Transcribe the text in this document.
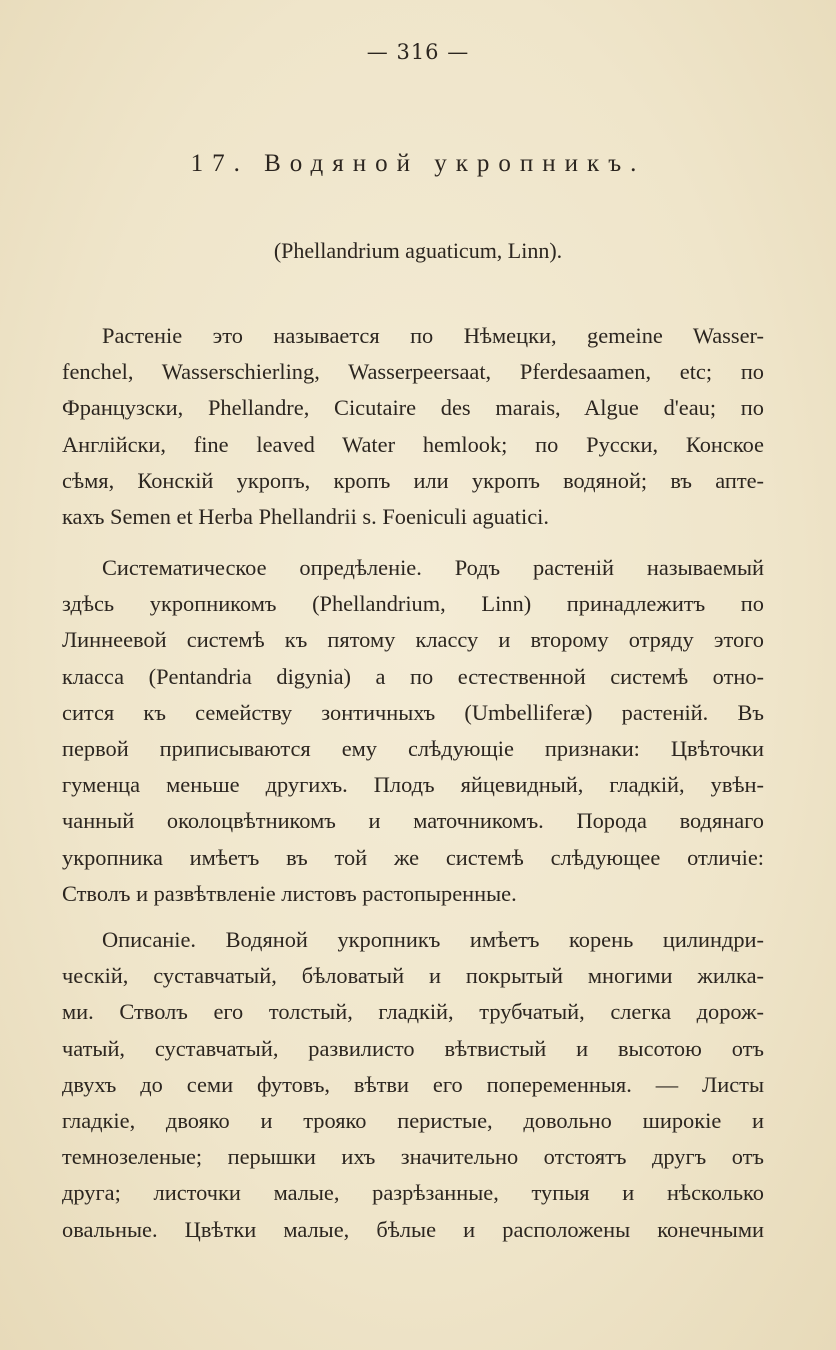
— 316 —
17. Водяной укропникъ.
(Phellandrium aguaticum, Linn).
Растеніе это называется по Нѣмецки, gemeine Wasser-
fenchel, Wasserschierling, Wasserpeersaat, Pferdesaamen, etc; по
Французски, Phellandre, Cicutaire des marais, Algue d'eau; по
Англійски, fine leaved Water hemlook; по Русски, Конское
сѣмя, Конскій укропъ, кропъ или укропъ водяной; въ апте-
кахъ Semen et Herba Phellandrii s. Foeniculi aguatici.
Систематическое опредѣленіе. Родъ растеній называемый
здѣсь укропникомъ (Phellandrium, Linn) принадлежитъ по
Линнеевой системѣ къ пятому классу и второму отряду этого
класса (Pentandria digynia) а по естественной системѣ отно-
сится къ семейству зонтичныхъ (Umbelliferæ) растеній. Въ
первой приписываются ему слѣдующіе признаки: Цвѣточки
гуменца меньше другихъ. Плодъ яйцевидный, гладкій, увѣн-
чанный околоцвѣтникомъ и маточникомъ. Порода водянаго
укропника имѣетъ въ той же системѣ слѣдующее отличіе:
Стволъ и развѣтвленіе листовъ растопыренные.
Описаніе. Водяной укропникъ имѣетъ корень цилиндри-
ческій, суставчатый, бѣловатый и покрытый многими жилка-
ми. Стволъ его толстый, гладкій, трубчатый, слегка дорож-
чатый, суставчатый, развилисто вѣтвистый и высотою отъ
двухъ до семи футовъ, вѣтви его попеременныя. — Листы
гладкіе, двояко и трояко перистые, довольно широкіе и
темнозеленые; перышки ихъ значительно отстоятъ другъ отъ
друга; листочки малые, разрѣзанные, тупыя и нѣсколько
овальные. Цвѣтки малые, бѣлые и расположены конечными
